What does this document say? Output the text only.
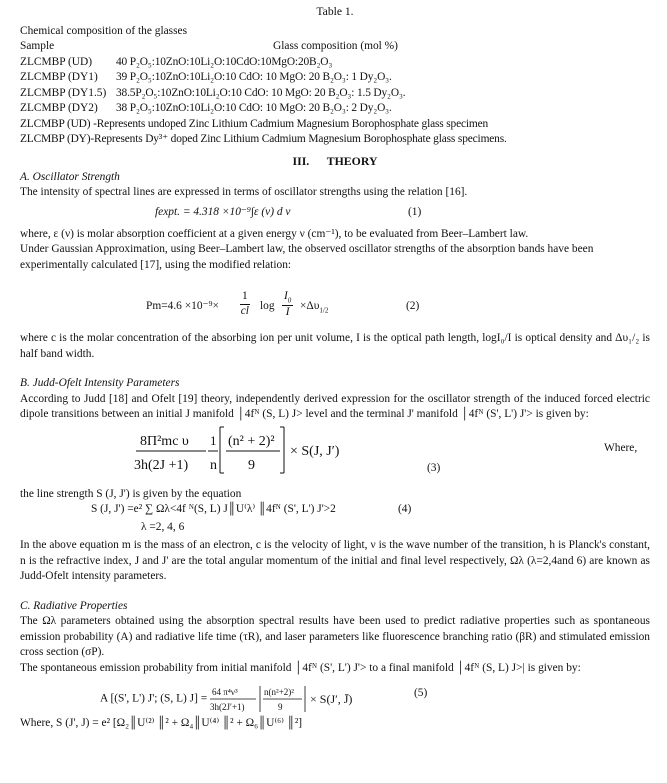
Table 1.
Chemical composition of the glasses
Sample	Glass composition (mol %)
ZLCMBP (UD)	40 P₂O₅:10ZnO:10Li₂O:10CdO:10MgO:20B₂O₃
ZLCMBP (DY1)	39 P₂O₅:10ZnO:10Li₂O:10 CdO: 10 MgO: 20 B₂O₃: 1 Dy₂O₃.
ZLCMBP (DY1.5) 38.5P₂O₅:10ZnO:10Li₂O:10 CdO: 10 MgO: 20 B₂O₃: 1.5 Dy₂O₃.
ZLCMBP (DY2)	38 P₂O₅:10ZnO:10Li₂O:10 CdO: 10 MgO: 20 B₂O₃: 2 Dy₂O₃.
ZLCMBP (UD) -Represents undoped Zinc Lithium Cadmium Magnesium Borophosphate glass specimen
ZLCMBP (DY)-Represents Dy³⁺ doped Zinc Lithium Cadmium Magnesium Borophosphate glass specimens.
III. THEORY
A. Oscillator Strength
The intensity of spectral lines are expressed in terms of oscillator strengths using the relation [16].
fexpt. = 4.318 ×10⁻⁹∫ε (ν) d ν	(1)
where, ε (ν) is molar absorption coefficient at a given energy ν (cm⁻¹), to be evaluated from Beer–Lambert law.
Under Gaussian Approximation, using Beer–Lambert law, the observed oscillator strengths of the absorption bands have been
experimentally calculated [17], using the modified relation:
$Pm=4.6 \times 10^{-9}\times \frac{1}{cl}$ $\log \frac{I_0}{I} \times\Delta\upsilon_{1/2}$	(2)
where c is the molar concentration of the absorbing ion per unit volume, I is the optical path length, logI₀/I is optical density and Δυ₁/₂ is half band width.
B. Judd-Ofelt Intensity Parameters
According to Judd [18] and Ofelt [19] theory, independently derived expression for the oscillator strength of the induced forced electric dipole transitions between an initial J manifold │4fᴺ (S, L) J> level and the terminal J' manifold │4fᴺ (S', L') J'> is given by:
8Π²mc υ
3h(2J +1)
1
n
(n² + 2)²
9
× S(J, J′)	Where,
(3)
the line strength S (J, J') is given by the equation
S (J, J') =e² ∑ Ωλ<4f ᴺ(S, L) J║U⁽λ⁾ ║4fᴺ (S', L') J'>2	(4)
λ =2, 4, 6
In the above equation m is the mass of an electron, c is the velocity of light, ν is the wave number of the transition, h is Planck's constant, n is the refractive index, J and J' are the total angular momentum of the initial and final level respectively, Ωλ (λ=2,4and 6) are known as Judd-Ofelt intensity parameters.
C. Radiative Properties
The Ωλ parameters obtained using the absorption spectral results have been used to predict radiative properties such as spontaneous emission probability (A) and radiative life time (τR), and laser parameters like fluorescence branching ratio (βR) and stimulated emission cross section (σP).
The spontaneous emission probability from initial manifold │4fᴺ (S', L') J'> to a final manifold │4fᴺ (S, L) J>| is given by:
A [(S', L') J'; (S, L) J] =
64 π⁴ν³
3h(2J′+1)
n(n²+2)²
9
× S(J′, J̄)	(5)
Where, S (J', J) = e² [Ω₂║U⁽²⁾ ║² + Ω₄║U⁽⁴⁾ ║² + Ω₆║U⁽⁶⁾ ║²]
